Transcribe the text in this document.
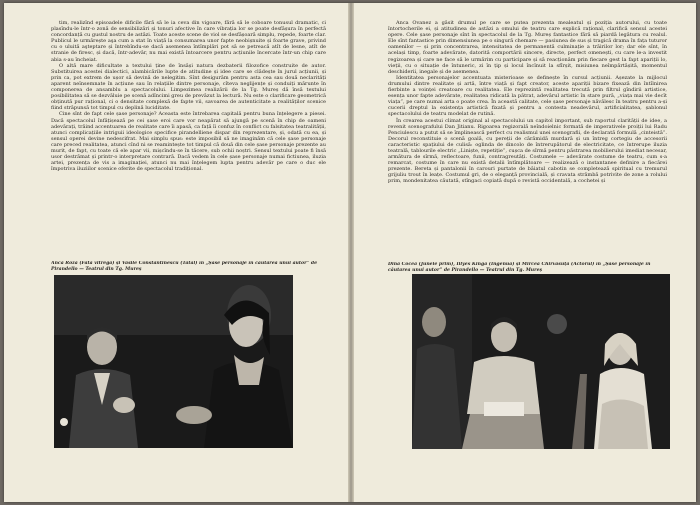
tim, realizînd episoadele dificile fără să le ia ceva din vigoare, fără să le coboare tonusul dramatic, ci plasîndu-le într-o zonă de sensibilizări și tonuri afective în care vibrația lor se poate desfășura în perfectă concordanță cu gustul nostru de astăzi. Toate aceste scene de viol se desfășoară simplu, repede, foarte clar. Publicul le urmărește aşa cum a stat în viață la consumarea unor fapte neobișnuite și foarte grave, privind cu o uluită aşteptare și întrebîndu-se dacă asemenea întîmplări pot să se petreacă atît de lesne, atît de stranie de firesc, și dacă, într-adevăr, nu mai există întoarcere pentru acțiunile încercate într-un chip care abia s-au încheiat.

O altă mare dificultate a textului ține de însăși natura dezbaterii filozofice construite de autor. Substituirea acestei dialectici, alambicările lupte de atitudine și idee care se clădește în jurul acțiunii, și prin ca, pot extrem de ușor să devină de nelegitim. Sînt desigurăm pentru asta cea sau două neclarități aparent neînsemnate în acțiune sau în relațiile dintre personaje, cîteva neglijențe și conduiți mărunte în componerea de ansamblu a spectacolului. Limpezimea realizării de la Tg. Mureș dă însă textului posibilitatea să se dezvăluie pe scenă adîncimi greu de prevăzut la lectură. Nu este o clarificare geometrică obținută pur rațional, ci o densitate complexă de fapte vii, savoarea de autenticitate a realităților scenice fiind străpunsă tot timpul cu deplină luciditate.

Cine sînt de fapt cele șase personaje? Aceasta este întrebarea capitală pentru buna înțelegere a piesei. Dacă spectacolul înfățișează pe cei șase eroi care vor neapărat să ajungă pe scenă în chip de oameni adevărați, trăind accentuarea de realitate care îi apasă, ca față îi confuz în conflict cu falsitatea teatralității, atunci complicațiile intriguii ideologice specifice pirandelliene dispar din reprezentare, și, odată cu ea, și sensul operei devine nedescifrat. Mai simplu spus: este imposibil să ne imaginăm că cele șase personaje care preced realitatea, atunci cînd ni se reamintește tot timpul că două din cele șase personaje prezente au murit, de fapt, cu toate că ele apar vii, mișcîndu-se în tăcere, sub ochii noștri. Sensul textului poate fi însă usor destrămat și printr-o interpretare contrară. Dacă vedem în cele șase personaje numai fictiunea, iluzia artei, prezența de vis a imaginației, atunci nu mai înțelegem lupta pentru adevăr pe care o duc ele împotriva iluziilor scenice oferite de spectacolul tradițional.

Anca Roza (Fata vitregă) și Vasile Constantinescu (Tatăl) în „Șase personaje în căutarea unui autor” de Pirandello — Teatrul din Tg. Mureș

Anca Ovanez a găsit drumul pe care se putea prezenta mealeatul și poziția autorului, cu toate întortocherile ei, și atitudinea de astăzi a omului de teatru care explică rațional, clarifică sensul acestei opere. Cele șase personaje sînt în spectacolul de la Tg. Mureș fantastice fără să piardă legătura cu realul. Ele sînt fantastice prin dimensiunea pe o singură chemare — pasiunea de sus și tragică drama în fața tuturor oamenilor — și prin concentrarea, intensitatea de permanentă culminație a trăirilor lor; dar ele sînt, în același timp, foarte adevărate, datorită comportării sincere, directe, perfect omenești, cu care le-a investit regizoarea și care ne face să le urmărim cu participare și să reacționăm prin fiecare gest la fapt apariții lo, vieții, cu o situație de întuneric, zi în țip și locul încînuit la sfîrșit, misiunea neîmpărtășită, momentul deschiderii, inegale și de asemenea.

Identitatea personajelor accentuata misterioase se definește în cursul acțiunii. Așezate la mijlocul drumului dintre realitate și artă, între viață și fapt creator, aceste apariții bizare fixează din întîlnirea fierbinte a voinței creatoare cu realitatea. Ele reprezintă realitatea trecută prin filtrul gîndirii artistice, esența unor fapte adevărate, realitatea ridicată la pătrat, adevărul artistic în stare pură, „viața mai vie decît viața”, pe care numai arta o poate crea. În această calitate, cele șase personaje năvălesc în teatru pentru a-și cucerii dreptul la existența artistică fixată și pentru a contesta neadevărul, artificialitatea, șablonul spectacolului de teatru modelat de rutină.

În crearea acestui climat original al spectacolului un capitol important, sub raportul clarității de idee, a revenit scenografului Dan Jitianu. Rigoarea regizorală neîndoielnic formată de imperativele proiții lui Radu Penciulescu a putut să se împlinească perfect cu realismul unei scenografii, de declarată formulă „cinteistă”. Decorul reconstituie o scenă goală, cu pereții de cărămidă murdară și un întreg cortegiu de accesorii caracteristic spațiului de culisă: oglinda de dincolo de întrerupătorul de electricitate, ce întrerupe iluzia teatrală, tablourile electric „Liniște, repetiție”, cușca de sîrmă pentru păstrarea mobilierului imediat necesar, armătura de sîrmă, reflectoare, funii, contragreutăți. Costumele — adevărate costume de teatru, cum s-a remarcat, costume în care nu există detalii întîmplătoare — realizează o instantanee definire a fiecărei prezente. Bereta și pantalonii în carouri purtate de băiatul cabotin se completează spiritual cu tremurul grijuliu trout în leațe. Costumul gri, de o eleganță provincială, și cravata strâmbă potrivite de zone a rolului prim, mondenitatea căutată, stîngaci copiată după o revistă occidentală, a cochetei și

Dina Cocea (Junele prim), Illyes Kinga (Ingenua) și Mircea Chirvăsuță (Actorul) în „Șase personaje în căutarea unui autor” de Pirandello — Teatrul din Tg. Mureș
